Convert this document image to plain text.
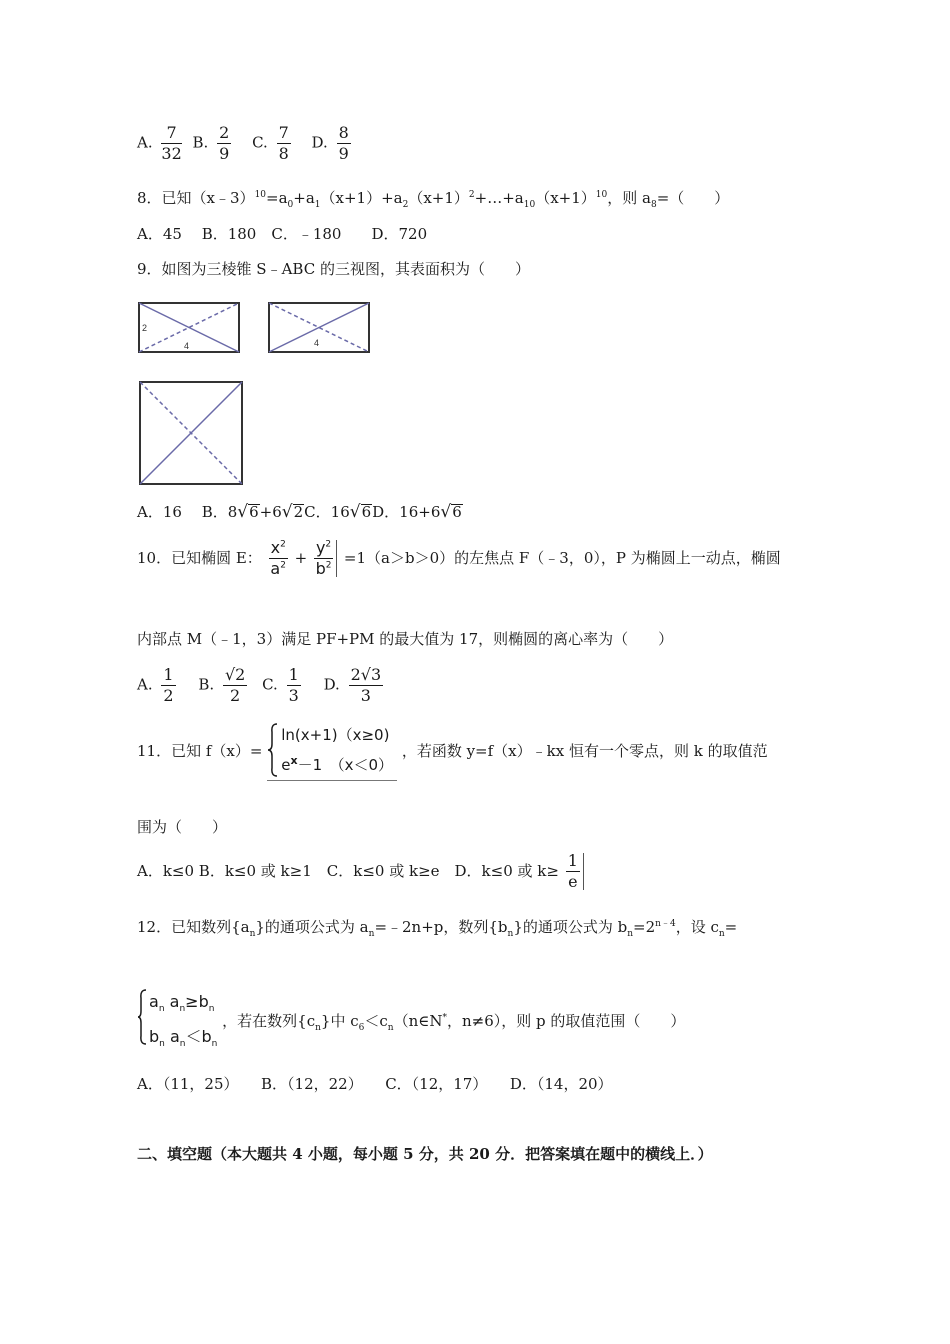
A. $\frac{7}{32} B$. $\frac{2}{9} C$. $\frac{7}{8} D$. $\frac{8}{9}$
8．已知$(x﹣3)^{10}=a_0+a_1(x+1)+a_2(x+1)^2+\dots+a_{10}(x+1)^{10}$，则 $a_8=$（　　）
A．45　 B．180　C．﹣180　　D．720
9．如图为三棱锥 S﹣ABC 的三视图，其表面积为（　　）
2
4	4
A．16　 B．8√6+6√2C．16√6D．16+6√6
10．已知椭圆 E： $\frac{x^2}{a^2} + \frac{y^2}{b^2} =1(a>b>0)$的左焦点 F（﹣3，0），P 为椭圆上一动点，椭圆
内部点 M（﹣1，3）满足 PF+PM 的最大值为 17，则椭圆的离心率为（　　）
A. $\frac{1}{2} B$. $\frac{√2}{2} C$. $\frac{1}{3} D$. $\frac{2√3}{3}$
11．已知 f（x）=
ln(x+1)（x≥0)
$e^x-1$　（x＜0）
，若函数 y=f（x）﹣kx 恒有一个零点，则 k 的取值范
围为（　　）
A．k≤0 B．k≤0 或 k≥1　C．k≤0 或 k≥e　D．k≤0 或 $k\ge \frac{1}{e}$
12．已知数列$\{a_n\}$的通项公式为 $a_n=﹣2n+p$，数列$\{b_n\}$的通项公式为 $b_n=2^{n﹣4}$，设 $c_n=$
$a_n$ $a_n\ge b_n$
$b_n$ $a_n<b_n$
，若在数列$\{c_n\}$中 $c_6<c_n(n\in N^*$，n≠6），则 p 的取值范围（　　）
A．（11，25）　　B．（12，22）　　C．（12，17）　　D．（14，20）
二、填空题（本大题共 4 小题，每小题 5 分，共 20 分．把答案填在题中的横线上．）
